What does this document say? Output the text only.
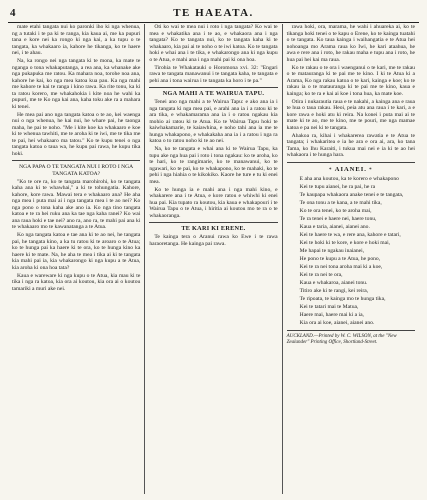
4	TE HAEATA.

mate etahi tangata nui ko paronki iho ki nga whenua, ng a tutaki i te pa ki te ranga, kia kaua ai, me ka pupuri tana e kore nei ka rongo ki nga kai, a ka tupu o te tangata, ka whakaaro ia, kahore he tikanga, ko te haere nei, i te ahau.

Na, ka rongo nei nga tangata ki te mona, ka mate te nganga o tona whakaputanga, a rea ana, ka whanake ake nga pukapuka me ratou. Ka mahara noa, torohe noa ana, kahore he kai, ko nga mea katoa kua pau. Ka nga mahi me kahore te kai te ranga i kino rawa. Ka rite tonu, ka ki ta ratou korero, me whakahokia i kite noa he wahi ka pupuri, me te Ko nga kai ana, kaha toku ake ra a mahara ki tenei.

He mea pai ano nga tangata katoa o te ao, kei waenga nui o nga whenua, he kai nui, he whare pai, he taonga maha, he pai te noho. "Me i kite koe ka whakaaro e koe ki te whenua tawhiti, me te aroha ki te iwi, me te tika me te pai, hei whakaaro ma tatou." Ko te kupu tenei o nga tangata katoa o taua wa, he kupu pai rawa, he kupu tika hoki.

NGA PAPA O TE TANGATA NUI I ROTO I NGA TANGATA KATOA?

"Ko te ore ra, ko te tangata marohirohi, ko te tangata kaha ana ki te whawhai," a ki te tohungatia. Kahore, kahore, kore rawa. Mawai tera e whakaaro ana? He aha nga mea i puta mai ai i nga tangata mea i te ao nei? Ko nga pono o tona kaha ake ano ia. Ko nga tino tangata katoa e te ra hei ruku ana ka tae nga kaha ranei? Ko wai ana raua hoki e tae nei? ano ra, ano ra, te mahi pai ana ki te whakaaro mo te kawanatanga a te Atua.

Ko nga tangata katoa e tae ana ki te ao nei, he tangata pai, he tangata kino, a ka tu ratou ki te aroaro o te Atua; ko te hunga pai ka haere ki te ora, ko te hunga kino ka haere ki te mate. Na, he aha te mea i tika ai ki te tangata kia mahi pai ia, kia whakarongo ki nga kupu a te Atua, kia aroha ki ona hoa tata?

Kaua e wareware ki nga kupu o te Atua, kia mau ki te tika i nga ra katoa, kia ora ai koutou, kia ora ai o koutou tamariki a muri ake nei.

Oti ko wai te mea nui i roto i nga tangata? Ko wai te mea e whakatika ana i te ao, e whakaora ana i nga tangata? Ko te tangata nui, ko te tangata kaha ki te whakaaro, kia pai ai te noho o te iwi katoa. Ko te tangata hoki e whai ana i te tika, e whakarongo ana ki nga kupu o te Atua, e mahi ana i nga mahi pai ki ona hoa.

Tirohia te Whakatauki o Horomona xvi. 32: "Engari rawa te tangata manawanui i te tangata kaha, te tangata e pehi ana i tona wairua i te tangata ka horo i te pa."

NGA MAHI A TE WAIRUA TAPU.

Tenei ano nga mahi a te Wairua Tapu: e ako ana ia i nga tangata ki nga mea pai, e arahi ana ia i a ratou ki te ara tika, e whakamarama ana ia i o ratou ngakau kia mohio ai ratou ki te Atua. Ko te Wairua Tapu hoki te kaiwhakamarie, te kaiawhina, e noho tahi ana ia me te hunga whakapono, e whakakaha ana ia i a ratou i nga ra katoa o to ratou noho ki te ao nei.

Na, ko te tangata e whai ana ki te Wairua Tapu, ka tupu ake nga hua pai i roto i tona ngakau: ko te aroha, ko te hari, ko te rangimarie, ko te manawanui, ko te ngawari, ko te pai, ko te whakapono, ko te mahaki, ko te pehi i nga hiahia o te kikokiko. Kaore he ture e tu ki enei mea.

Ko te hunga ia e mahi ana i nga mahi kino, e whakarere ana i te Atua, e kore ratou e whiwhi ki enei hua pai. Kia tupato ra koutou, kia kaua e whakapouri i te Wairua Tapu o te Atua, i hiritia ai koutou mo te ra o te whakaoranga.

TE KARI KI ERENE.

Te kainga tera o Aranui rawa ko Ewe i te rawa haraoretanga. He kainga pai rawa.

rawa hoki, ora, marama, he wahi i ahuareka ai, ko te tikanga hoki tenei o te kapu o Erene, ko te kainga tuatahi o te tangata. Ko taua kainga i waihangatia e te Atua hei nohoanga mo Arama raua ko Iwi, he kari ataahua, he awa e rere ana i roto, he rakau maha e tupu ana i roto, he hua pai hei kai ma raua.

Ko te rakau o te ora i waenganui o te kari, me te rakau o te matauranga ki te pai me te kino. I ki te Atua ki a Arama, Ko nga rakau katoa o te kari, kainga e koe; ko te rakau ia o te matauranga ki te pai me te kino, kaua e kainga; ko te ra e kai ai koe i tona hua, ka mate koe.

Otira i nukarautia raua e te nakahi, a kainga ana e raua te hua o taua rakau. Heoi, peia atu ana raua i te kari, a e kore rawa e hoki atu ki reira. Na konei i puta mai ai te mate ki te ao, me te kino, me te pouri, me nga mamae katoa e pa nei ki te tangata.

Ahakoa ra, kihai i whakarerea rawatia e te Atua te tangata; i whakaritea e ia he ara e ora ai, ara, ko tana Tama, ko Ihu Karaiti, i tukua mai nei e ia ki te ao hei whakaora i te hunga hara.

* AIANEI. *

E aha ana koutou, ka te korero e whakapono

Kei te tupu aianei, he ra pai, he ra

Te kaupapa whakaora anake tenei e te tangata,

Te ona tonu a te kana, a te mahi tika,

Ko te ora tenei, ko te aroha mai,

Te ra tenei e haere nei, haere tonu,

Kaua e taria, aianei, aianei ano.

Kei te haere te wa, e rere ana, kahore e tatari,

Kei te hoki ki te kore, e kore e hoki mai,

Me hapai te ngakau inaianei,

He pono te kupu a te Atua, he pono,

Kei te ra nei tona aroha mai ki a koe,

Kei te ra nei te ora,

Kaua e whakaroa, aianei tonu.

Titiro ake ki te rangi, kei reira,

Te ripoata, te kainga mo te hunga tika,

Kei te tatari mai te Matua,

Haere mai, haere mai ki a ia,

Kia ora ai koe, aianei, aianei ano.

AUCKLAND.—Printed by W. C. WILSON, at the "New Zealander" Printing Office, Shortland-Street.
